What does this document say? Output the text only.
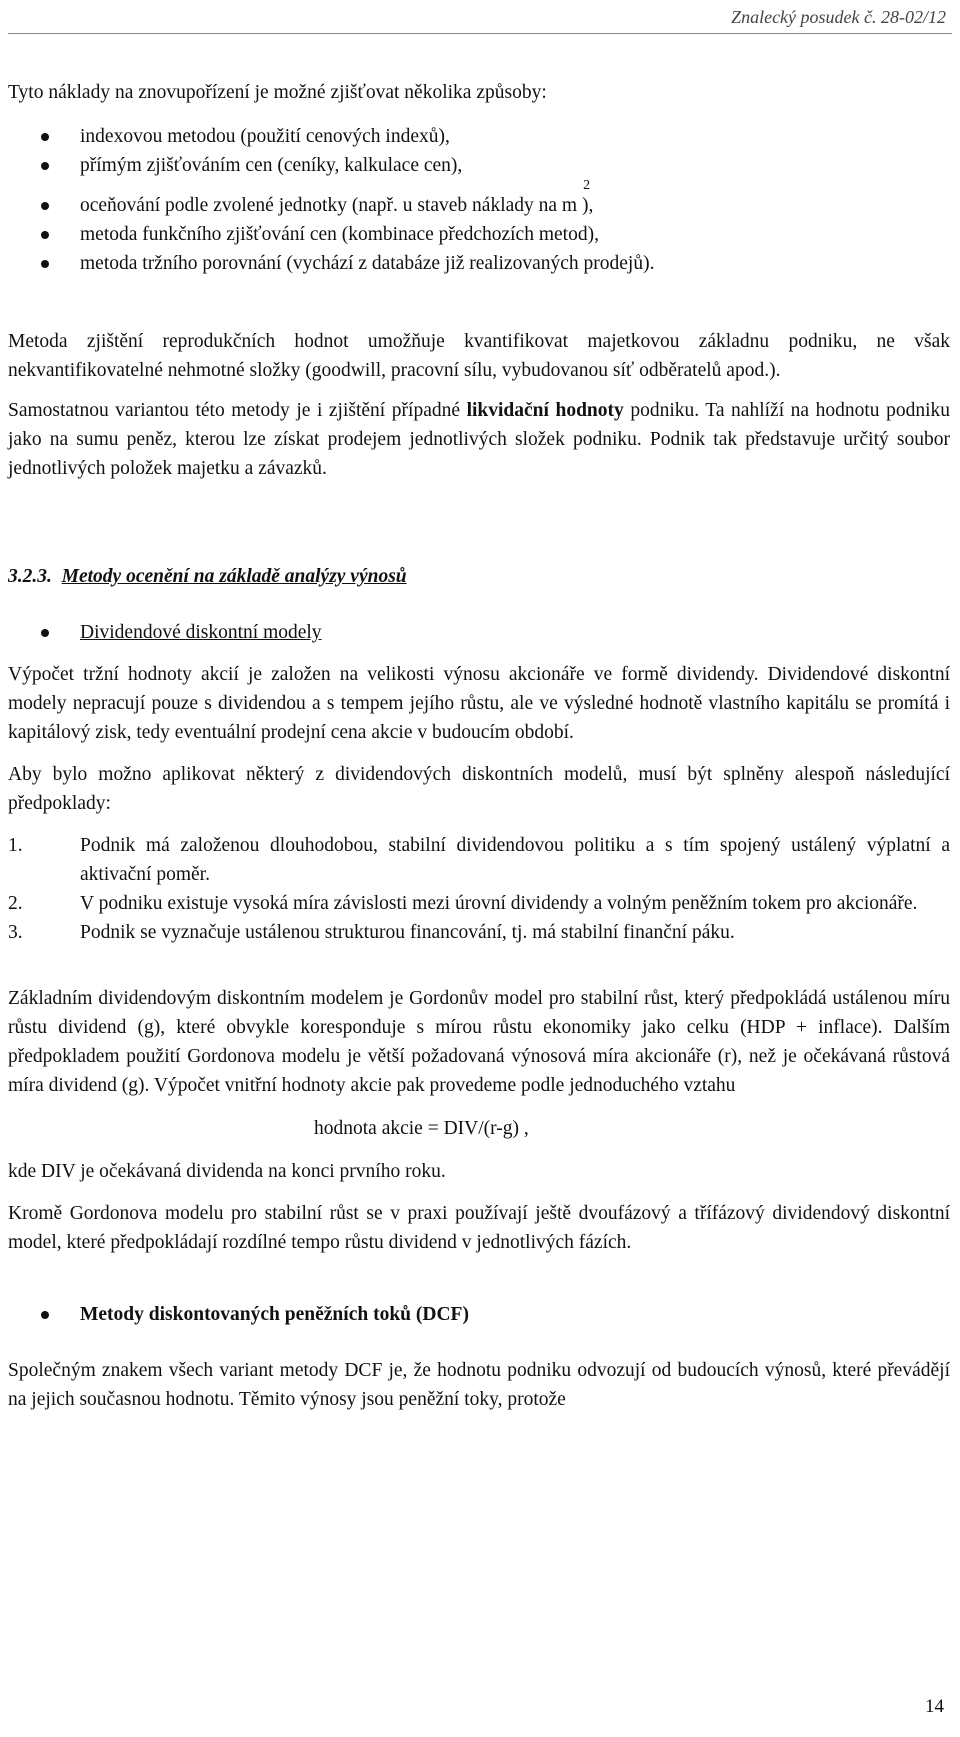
Znalecký posudek č. 28-02/12

Tyto náklady na znovupořízení je možné zjišťovat několika způsoby:

indexovou metodou (použití cenových indexů),
přímým zjišťováním cen (ceníky, kalkulace cen),
oceňování podle zvolené jednotky (např. u staveb náklady na m
2
),
metoda funkčního zjišťování cen (kombinace předchozích metod),
metoda tržního porovnání (vychází z databáze již realizovaných prodejů).

Metoda zjištění reprodukčních hodnot umožňuje kvantifikovat majetkovou základnu podniku, ne však nekvantifikovatelné nehmotné složky (goodwill, pracovní sílu, vybudovanou síť odběratelů apod.).

Samostatnou variantou této metody je i zjištění případné likvidační hodnoty podniku. Ta nahlíží na hodnotu podniku jako na sumu peněz, kterou lze získat prodejem jednotlivých složek podniku. Podnik tak představuje určitý soubor jednotlivých položek majetku a závazků.

3.2.3. Metody ocenění na základě analýzy výnosů

Dividendové diskontní modely

Výpočet tržní hodnoty akcií je založen na velikosti výnosu akcionáře ve formě dividendy. Dividendové diskontní modely nepracují pouze s dividendou a s tempem jejího růstu, ale ve výsledné hodnotě vlastního kapitálu se promítá i kapitálový zisk, tedy eventuální prodejní cena akcie v budoucím období.

Aby bylo možno aplikovat některý z dividendových diskontních modelů, musí být splněny alespoň následující předpoklady:

1.	Podnik má založenou dlouhodobou, stabilní dividendovou politiku a s tím spojený ustálený výplatní a aktivační poměr.
2.	V podniku existuje vysoká míra závislosti mezi úrovní dividendy a volným peněžním tokem pro akcionáře.
3.	Podnik se vyznačuje ustálenou strukturou financování, tj. má stabilní finanční páku.

Základním dividendovým diskontním modelem je Gordonův model pro stabilní růst, který předpokládá ustálenou míru růstu dividend (g), které obvykle koresponduje s mírou růstu ekonomiky jako celku (HDP + inflace). Dalším předpokladem použití Gordonova modelu je větší požadovaná výnosová míra akcionáře (r), než je očekávaná růstová míra dividend (g). Výpočet vnitřní hodnoty akcie pak provedeme podle jednoduchého vztahu

hodnota akcie = DIV/(r-g) ,

kde DIV je očekávaná dividenda na konci prvního roku.

Kromě Gordonova modelu pro stabilní růst se v praxi používají ještě dvoufázový a třífázový dividendový diskontní model, které předpokládají rozdílné tempo růstu dividend v jednotlivých fázích.

Metody diskontovaných peněžních toků (DCF)

Společným znakem všech variant metody DCF je, že hodnotu podniku odvozují od budoucích výnosů, které převádějí na jejich současnou hodnotu. Těmito výnosy jsou peněžní toky, protože

14
